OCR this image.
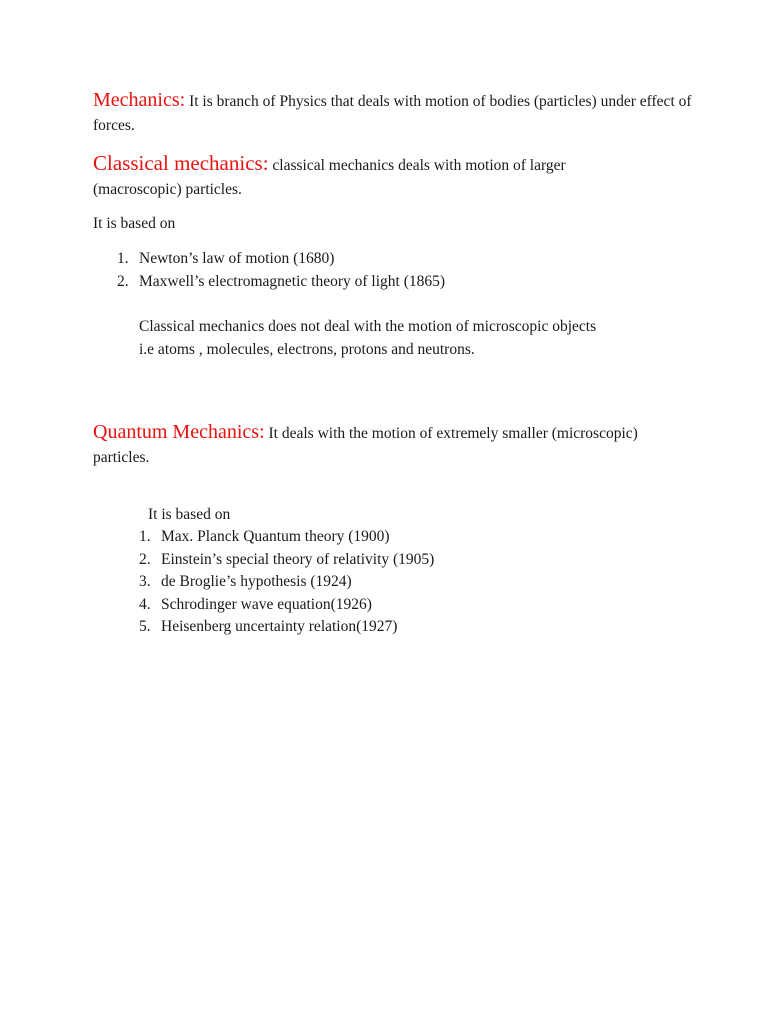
Mechanics: It is branch of Physics that deals with motion of bodies (particles) under effect of forces.
Classical mechanics: classical mechanics deals with motion of larger (macroscopic) particles.
It is based on
1. Newton’s law of motion (1680)
2. Maxwell’s electromagnetic theory of light (1865)
Classical mechanics does not deal with the motion of microscopic objects
i.e atoms , molecules, electrons, protons and neutrons.
Quantum Mechanics: It deals with the motion of extremely smaller (microscopic) particles.
It is based on
1. Max. Planck Quantum theory (1900)
2. Einstein’s special theory of relativity (1905)
3. de Broglie’s hypothesis (1924)
4. Schrodinger wave equation(1926)
5. Heisenberg uncertainty relation(1927)
